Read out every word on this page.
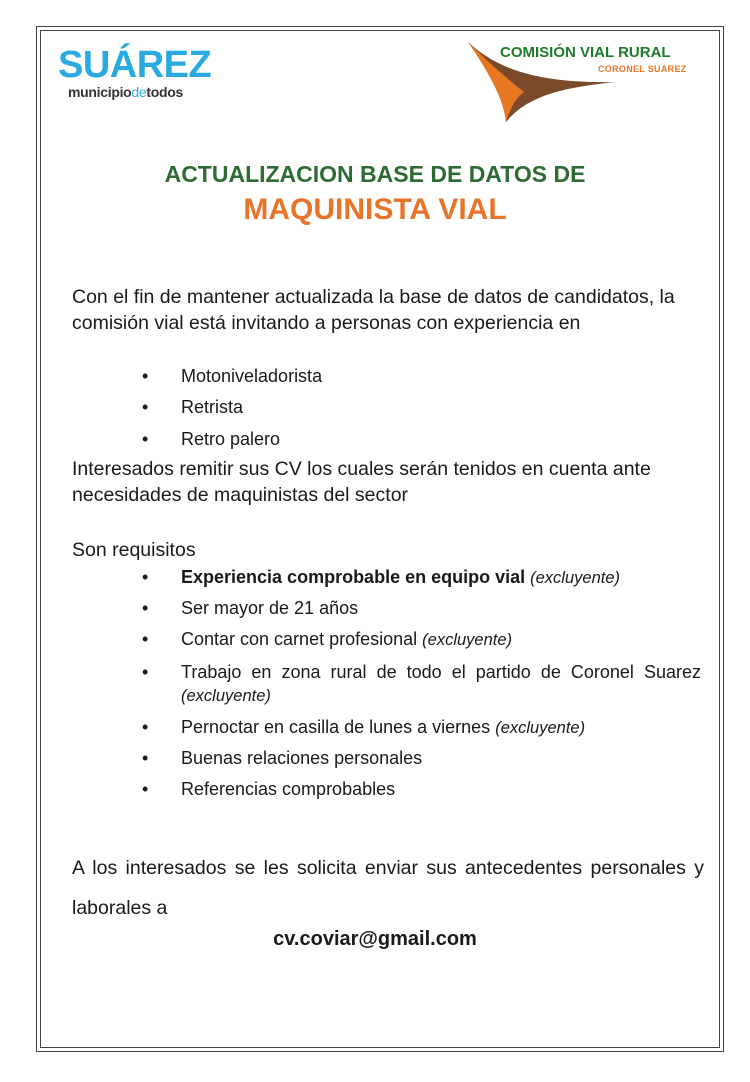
SUÁREZ
municipiodetodos
COMISIÓN VIAL RURAL
CORONEL SUAREZ
ACTUALIZACION BASE DE DATOS DE
MAQUINISTA VIAL
Con el fin de mantener actualizada la base de datos de candidatos, la comisión vial está invitando a personas con experiencia en
• Motoniveladorista
• Retrista
• Retro palero
Interesados remitir sus CV los cuales serán tenidos en cuenta ante necesidades de maquinistas del sector
Son requisitos
• Experiencia comprobable en equipo vial (excluyente)
• Ser mayor de 21 años
• Contar con carnet profesional (excluyente)
• Trabajo en zona rural de todo el partido de Coronel Suarez (excluyente)
• Pernoctar en casilla de lunes a viernes (excluyente)
• Buenas relaciones personales
• Referencias comprobables
A los interesados se les solicita enviar sus antecedentes personales y laborales a
cv.coviar@gmail.com
